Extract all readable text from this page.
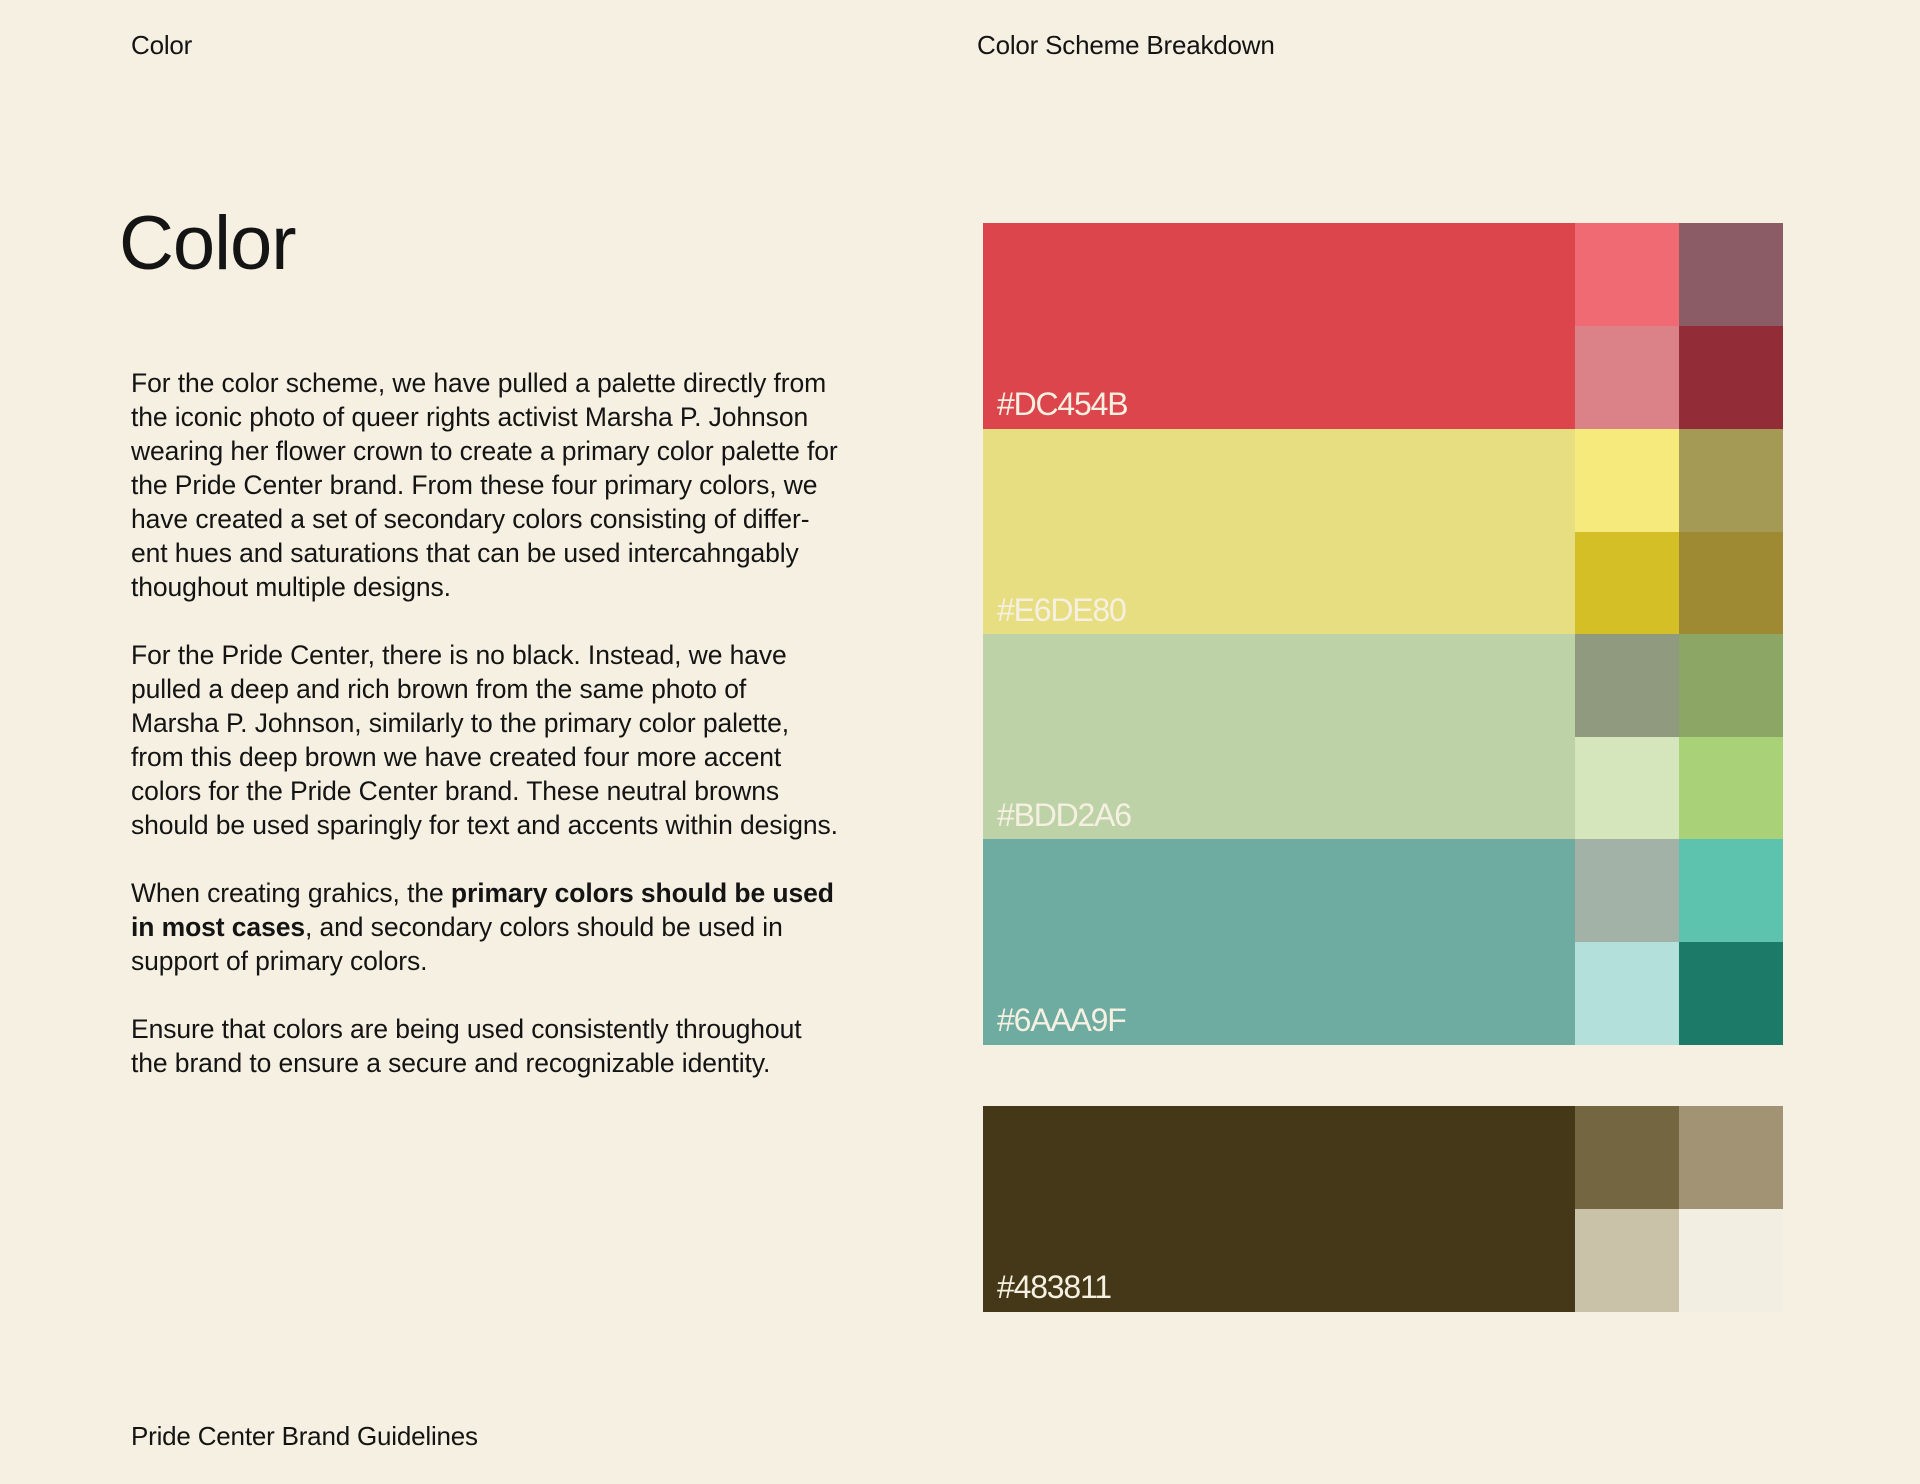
Color	Color Scheme Breakdown
Color

For the color scheme, we have pulled a palette directly from
the iconic photo of queer rights activist Marsha P. Johnson
wearing her flower crown to create a primary color palette for
the Pride Center brand. From these four primary colors, we
have created a set of secondary colors consisting of differ-
ent hues and saturations that can be used intercahngably
thoughout multiple designs.

For the Pride Center, there is no black. Instead, we have
pulled a deep and rich brown from the same photo of
Marsha P. Johnson, similarly to the primary color palette,
from this deep brown we have created four more accent
colors for the Pride Center brand. These neutral browns
should be used sparingly for text and accents within designs.

When creating grahics, the primary colors should be used
in most cases, and secondary colors should be used in
support of primary colors.

Ensure that colors are being used consistently throughout
the brand to ensure a secure and recognizable identity.

#DC454B
#E6DE80
#BDD2A6
#6AAA9F
#483811
Pride Center Brand Guidelines
